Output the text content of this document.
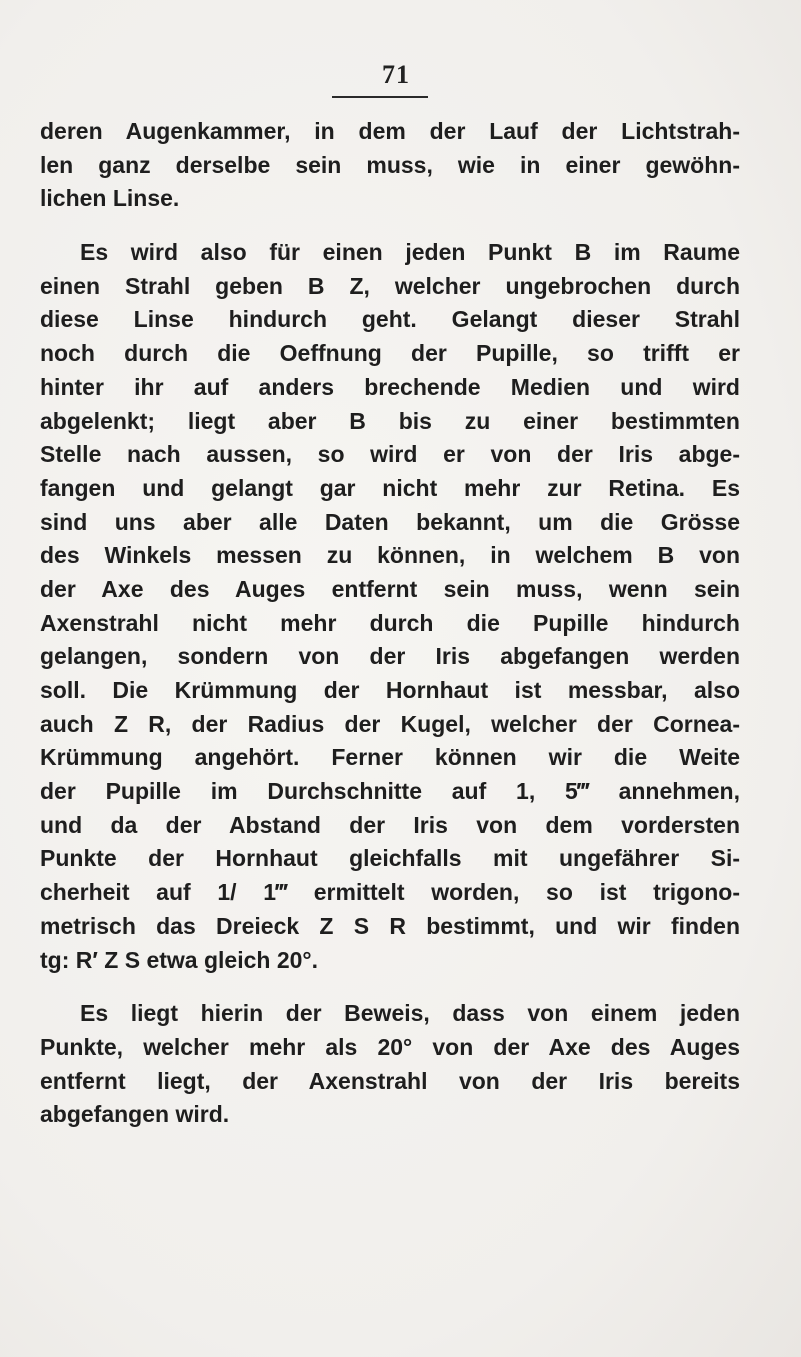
71
deren Augenkammer, in dem der Lauf der Lichtstrah-
len ganz derselbe sein muss, wie in einer gewöhn-
lichen Linse.
Es wird also für einen jeden Punkt B im Raume
einen Strahl geben B Z, welcher ungebrochen durch
diese Linse hindurch geht. Gelangt dieser Strahl
noch durch die Oeffnung der Pupille, so trifft er
hinter ihr auf anders brechende Medien und wird
abgelenkt; liegt aber B bis zu einer bestimmten
Stelle nach aussen, so wird er von der Iris abge-
fangen und gelangt gar nicht mehr zur Retina. Es
sind uns aber alle Daten bekannt, um die Grösse
des Winkels messen zu können, in welchem B von
der Axe des Auges entfernt sein muss, wenn sein
Axenstrahl nicht mehr durch die Pupille hindurch
gelangen, sondern von der Iris abgefangen werden
soll. Die Krümmung der Hornhaut ist messbar, also
auch Z R, der Radius der Kugel, welcher der Cornea-
Krümmung angehört. Ferner können wir die Weite
der Pupille im Durchschnitte auf 1, 5‴ annehmen,
und da der Abstand der Iris von dem vordersten
Punkte der Hornhaut gleichfalls mit ungefährer Si-
cherheit auf 1/ 1‴ ermittelt worden, so ist trigono-
metrisch das Dreieck Z S R bestimmt, und wir finden
tg: R′ Z S etwa gleich 20°.
Es liegt hierin der Beweis, dass von einem jeden
Punkte, welcher mehr als 20° von der Axe des Auges
entfernt liegt, der Axenstrahl von der Iris bereits
abgefangen wird.
